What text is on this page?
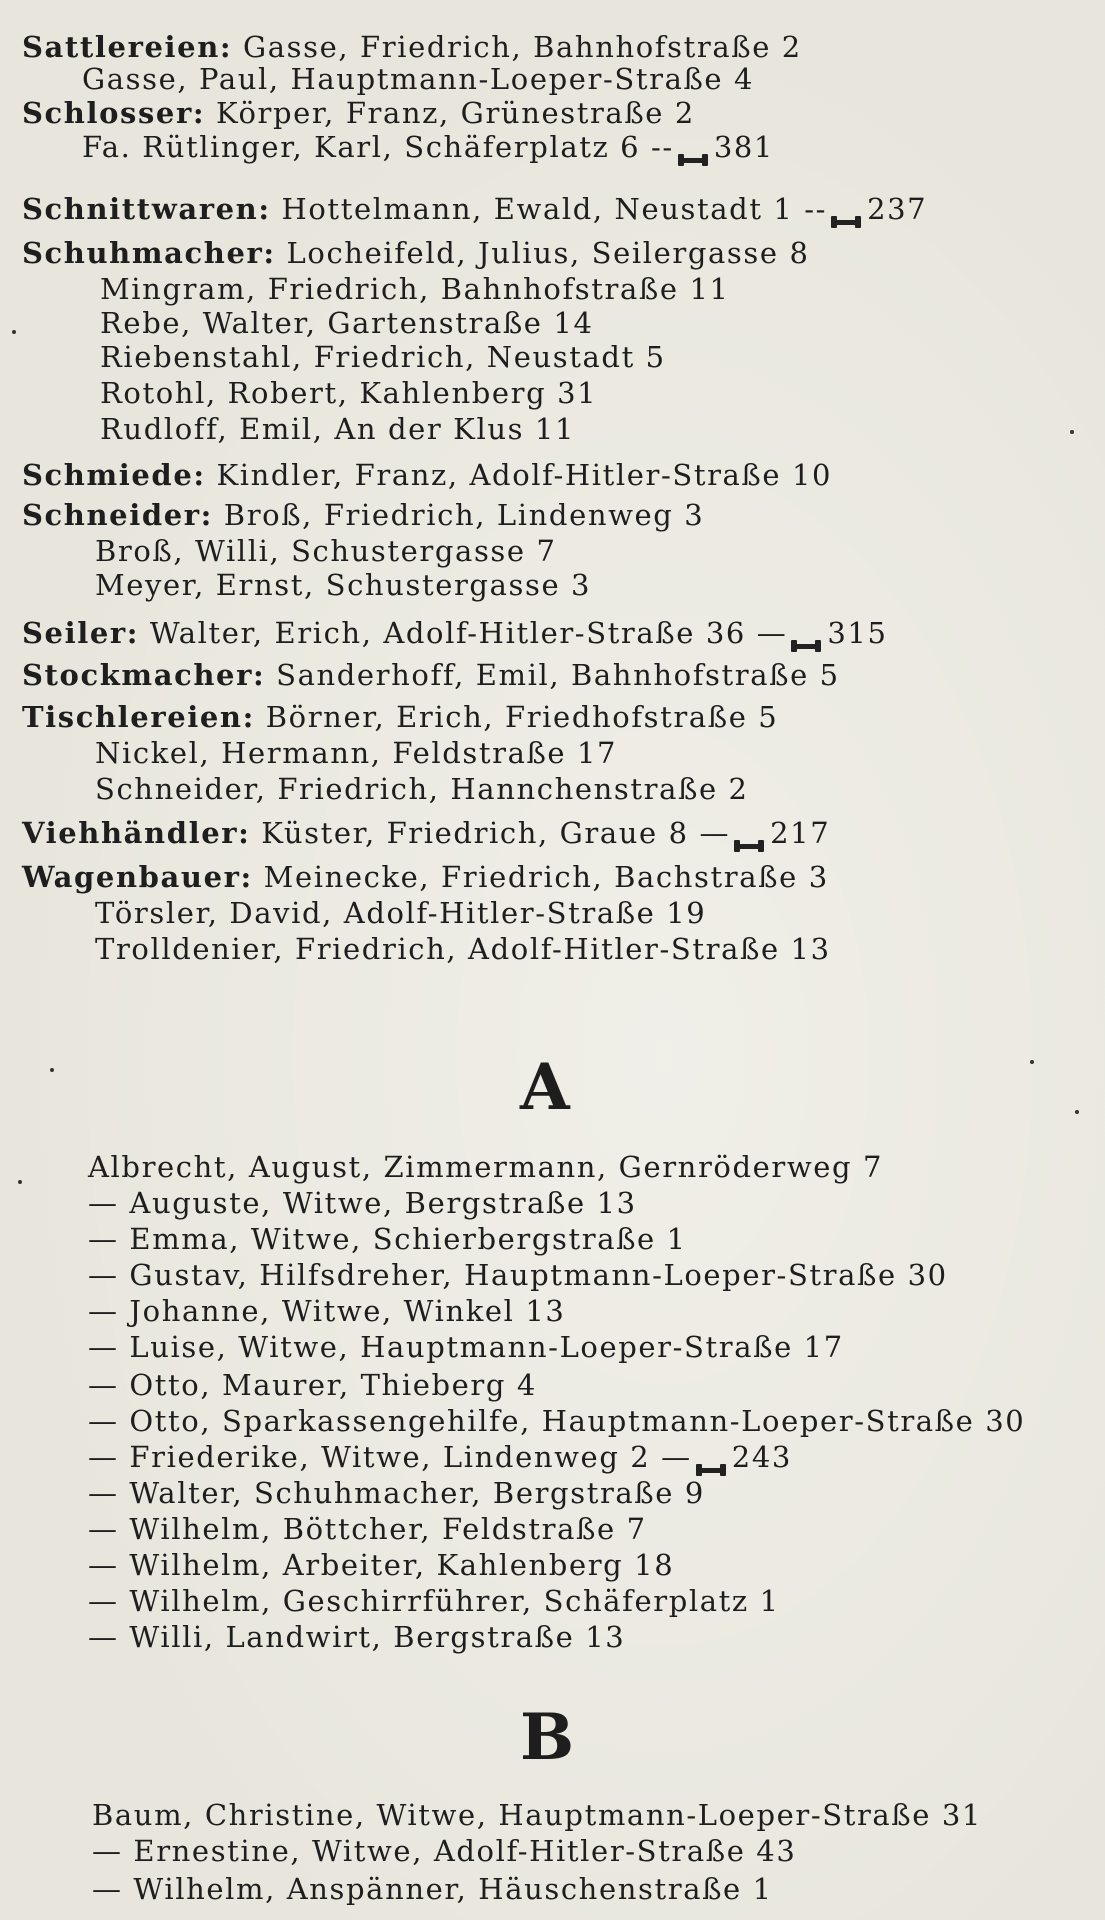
Sattlereien: Gasse, Friedrich, Bahnhofstraße 2
Gasse, Paul, Hauptmann-Loeper-Straße 4
Schlosser: Körper, Franz, Grünestraße 2
Fa. Rütlinger, Karl, Schäferplatz 6 -- 381
Schnittwaren: Hottelmann, Ewald, Neustadt 1 -- 237
Schuhmacher: Locheifeld, Julius, Seilergasse 8
Mingram, Friedrich, Bahnhofstraße 11
Rebe, Walter, Gartenstraße 14
Riebenstahl, Friedrich, Neustadt 5
Rotohl, Robert, Kahlenberg 31
Rudloff, Emil, An der Klus 11
Schmiede: Kindler, Franz, Adolf-Hitler-Straße 10
Schneider: Broß, Friedrich, Lindenweg 3
Broß, Willi, Schustergasse 7
Meyer, Ernst, Schustergasse 3
Seiler: Walter, Erich, Adolf-Hitler-Straße 36 — 315
Stockmacher: Sanderhoff, Emil, Bahnhofstraße 5
Tischlereien: Börner, Erich, Friedhofstraße 5
Nickel, Hermann, Feldstraße 17
Schneider, Friedrich, Hannchenstraße 2
Viehhändler: Küster, Friedrich, Graue 8 — 217
Wagenbauer: Meinecke, Friedrich, Bachstraße 3
Törsler, David, Adolf-Hitler-Straße 19
Trolldenier, Friedrich, Adolf-Hitler-Straße 13
A
Albrecht, August, Zimmermann, Gernröderweg 7
— Auguste, Witwe, Bergstraße 13
— Emma, Witwe, Schierbergstraße 1
— Gustav, Hilfsdreher, Hauptmann-Loeper-Straße 30
— Johanne, Witwe, Winkel 13
— Luise, Witwe, Hauptmann-Loeper-Straße 17
— Otto, Maurer, Thieberg 4
— Otto, Sparkassengehilfe, Hauptmann-Loeper-Straße 30
— Friederike, Witwe, Lindenweg 2 — 243
— Walter, Schuhmacher, Bergstraße 9
— Wilhelm, Böttcher, Feldstraße 7
— Wilhelm, Arbeiter, Kahlenberg 18
— Wilhelm, Geschirrführer, Schäferplatz 1
— Willi, Landwirt, Bergstraße 13
B
Baum, Christine, Witwe, Hauptmann-Loeper-Straße 31
— Ernestine, Witwe, Adolf-Hitler-Straße 43
— Wilhelm, Anspänner, Häuschenstraße 1
